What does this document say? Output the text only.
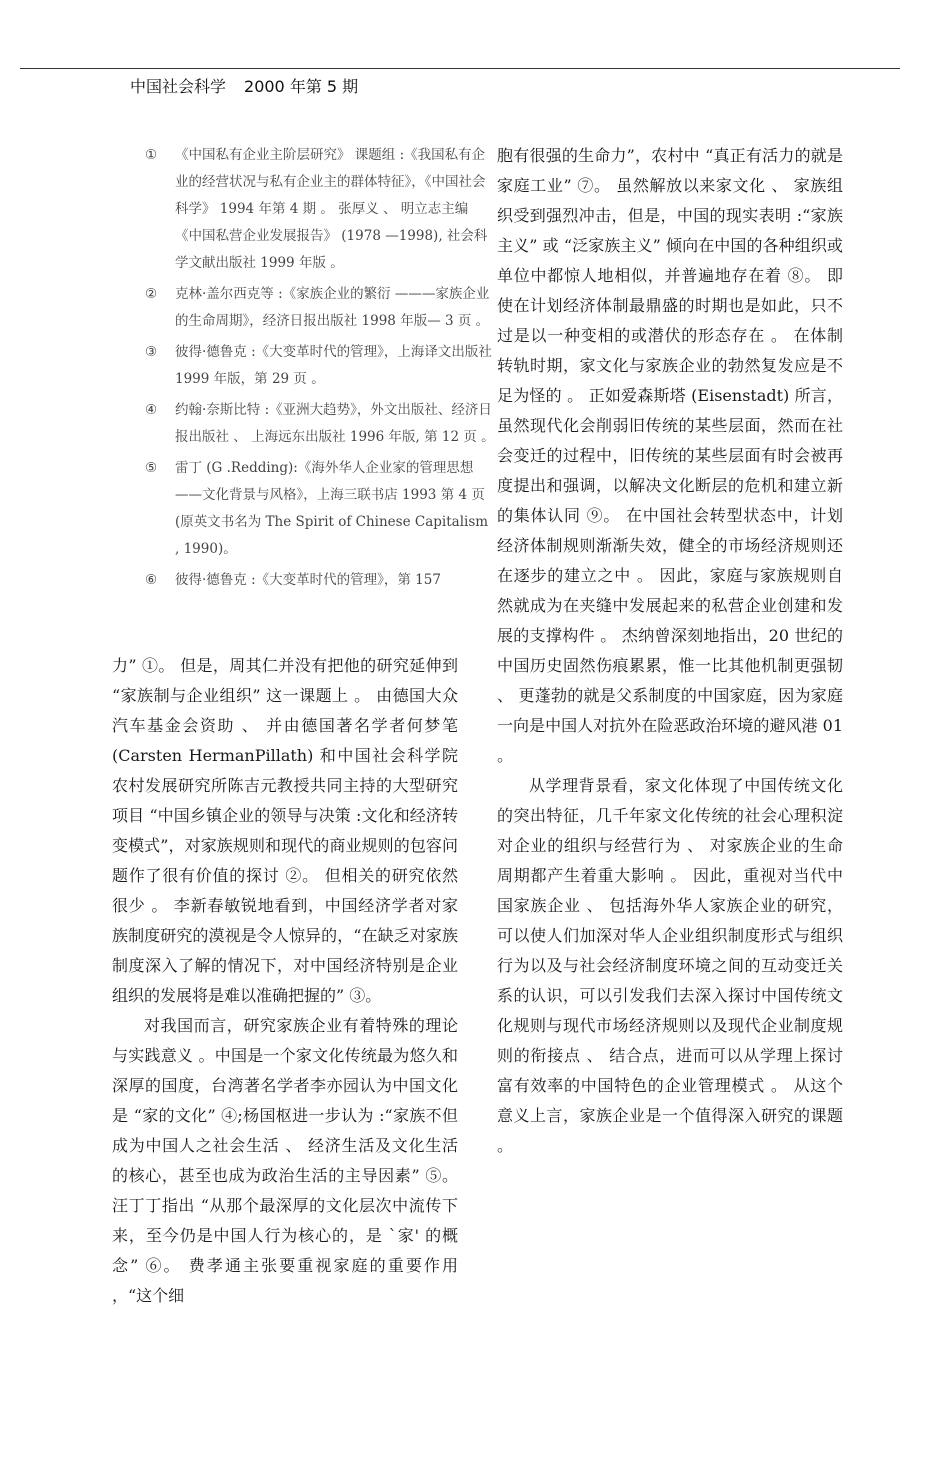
中国社会科学 2000 年第 5 期
①	《中国私有企业主阶层研究》 课题组 :《我国私有企业的经营状况与私有企业主的群体特征》，《中国社会科学》 1994 年第 4 期 。 张厚义 、 明立志主编《中国私营企业发展报告》 (1978 —1998), 社会科学文献出版社 1999 年版 。
②	克林·盖尔西克等 :《家族企业的繁衍 ———家族企业的生命周期》，经济日报出版社 1998 年版— 3 页 。
③	彼得·德鲁克 :《大变革时代的管理》，上海译文出版社 1999 年版，第 29 页 。
④	约翰·奈斯比特 :《亚洲大趋势》，外文出版社、经济日报出版社 、 上海远东出版社 1996 年版, 第 12 页 。
⑤	雷丁 (G .Redding):《海外华人企业家的管理思想——文化背景与风格》，上海三联书店 1993 第 4 页 (原英文书名为 The Spirit of Chinese Capitalism , 1990)。
⑥	彼得·德鲁克 :《大变革时代的管理》，第 157

力” ①。 但是，周其仁并没有把他的研究延伸到 “家族制与企业组织” 这一课题上 。 由德国大众汽车基金会资助 、 并由德国著名学者何梦笔 (Carsten HermanPillath) 和中国社会科学院农村发展研究所陈吉元教授共同主持的大型研究项目 “中国乡镇企业的领导与决策 :文化和经济转变模式”，对家族规则和现代的商业规则的包容问题作了很有价值的探讨 ②。 但相关的研究依然很少 。 李新春敏锐地看到，中国经济学者对家族制度研究的漠视是令人惊异的，“在缺乏对家族制度深入了解的情况下，对中国经济特别是企业组织的发展将是难以准确把握的” ③。

对我国而言，研究家族企业有着特殊的理论与实践意义 。中国是一个家文化传统最为悠久和深厚的国度，台湾著名学者李亦园认为中国文化是 “家的文化” ④;杨国枢进一步认为 :“家族不但成为中国人之社会生活 、 经济生活及文化生活的核心，甚至也成为政治生活的主导因素” ⑤。 汪丁丁指出 “从那个最深厚的文化层次中流传下来，至今仍是中国人行为核心的，是 `家' 的概念” ⑥。 费孝通主张要重视家庭的重要作用 ，“这个细

胞有很强的生命力”，农村中 “真正有活力的就是家庭工业” ⑦。 虽然解放以来家文化 、 家族组织受到强烈冲击，但是，中国的现实表明 :“家族主义” 或 “泛家族主义” 倾向在中国的各种组织或单位中都惊人地相似，并普遍地存在着 ⑧。 即使在计划经济体制最鼎盛的时期也是如此，只不过是以一种变相的或潜伏的形态存在 。 在体制转轨时期，家文化与家族企业的勃然复发应是不足为怪的 。 正如爱森斯塔 (Eisenstadt) 所言，虽然现代化会削弱旧传统的某些层面，然而在社会变迁的过程中，旧传统的某些层面有时会被再度提出和强调，以解决文化断层的危机和建立新的集体认同 ⑨。 在中国社会转型状态中，计划经济体制规则渐渐失效，健全的市场经济规则还在逐步的建立之中 。 因此，家庭与家族规则自然就成为在夹缝中发展起来的私营企业创建和发展的支撑构件 。 杰纳曾深刻地指出，20 世纪的中国历史固然伤痕累累，惟一比其他机制更强韧 、 更蓬勃的就是父系制度的中国家庭，因为家庭一向是中国人对抗外在险恶政治环境的避风港 01 。

从学理背景看，家文化体现了中国传统文化的突出特征，几千年家文化传统的社会心理积淀对企业的组织与经营行为 、 对家族企业的生命周期都产生着重大影响 。 因此，重视对当代中国家族企业 、 包括海外华人家族企业的研究，可以使人们加深对华人企业组织制度形式与组织行为以及与社会经济制度环境之间的互动变迁关系的认识，可以引发我们去深入探讨中国传统文化规则与现代市场经济规则以及现代企业制度规则的衔接点 、 结合点，进而可以从学理上探讨富有效率的中国特色的企业管理模式 。 从这个意义上言，家族企业是一个值得深入研究的课题 。
